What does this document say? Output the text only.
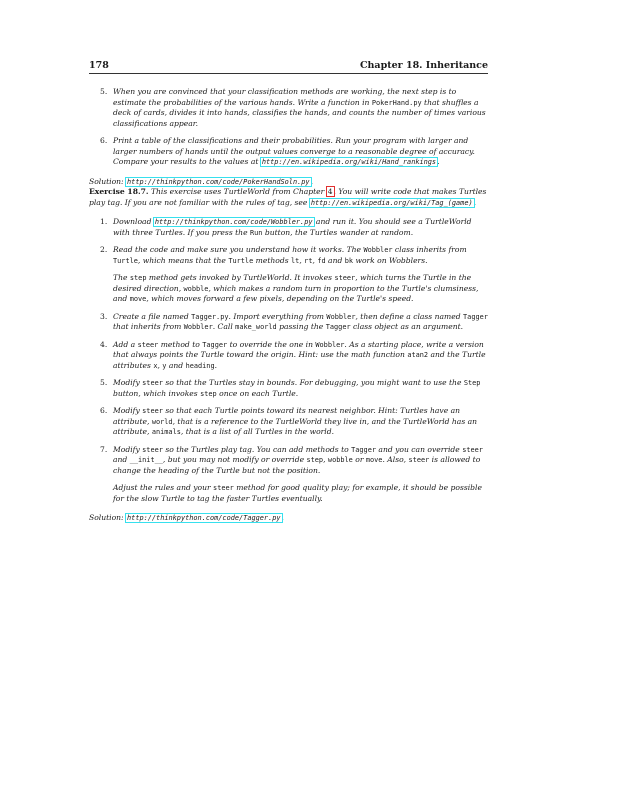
178	Chapter 18. Inheritance
5. When you are convinced that your classification methods are working, the next step is to estimate the probabilities of the various hands. Write a function in PokerHand.py that shuffles a deck of cards, divides it into hands, classifies the hands, and counts the number of times various classifications appear.
6. Print a table of the classifications and their probabilities. Run your program with larger and larger numbers of hands until the output values converge to a reasonable degree of accuracy. Compare your results to the values at http://en.wikipedia.org/wiki/Hand_rankings.
Solution: http://thinkpython.com/code/PokerHandSoln.py.
Exercise 18.7. This exercise uses TurtleWorld from Chapter 4. You will write code that makes Turtles play tag. If you are not familiar with the rules of tag, see http://en.wikipedia.org/wiki/Tag_(game).
1. Download http://thinkpython.com/code/Wobbler.py and run it. You should see a TurtleWorld with three Turtles. If you press the Run button, the Turtles wander at random.
2. Read the code and make sure you understand how it works. The Wobbler class inherits from Turtle, which means that the Turtle methods lt, rt, fd and bk work on Wobblers.
The step method gets invoked by TurtleWorld. It invokes steer, which turns the Turtle in the desired direction, wobble, which makes a random turn in proportion to the Turtle's clumsiness, and move, which moves forward a few pixels, depending on the Turtle's speed.
3. Create a file named Tagger.py. Import everything from Wobbler, then define a class named Tagger that inherits from Wobbler. Call make_world passing the Tagger class object as an argument.
4. Add a steer method to Tagger to override the one in Wobbler. As a starting place, write a version that always points the Turtle toward the origin. Hint: use the math function atan2 and the Turtle attributes x, y and heading.
5. Modify steer so that the Turtles stay in bounds. For debugging, you might want to use the Step button, which invokes step once on each Turtle.
6. Modify steer so that each Turtle points toward its nearest neighbor. Hint: Turtles have an attribute, world, that is a reference to the TurtleWorld they live in, and the TurtleWorld has an attribute, animals, that is a list of all Turtles in the world.
7. Modify steer so the Turtles play tag. You can add methods to Tagger and you can override steer and __init__, but you may not modify or override step, wobble or move. Also, steer is allowed to change the heading of the Turtle but not the position.
Adjust the rules and your steer method for good quality play; for example, it should be possible for the slow Turtle to tag the faster Turtles eventually.
Solution: http://thinkpython.com/code/Tagger.py.
